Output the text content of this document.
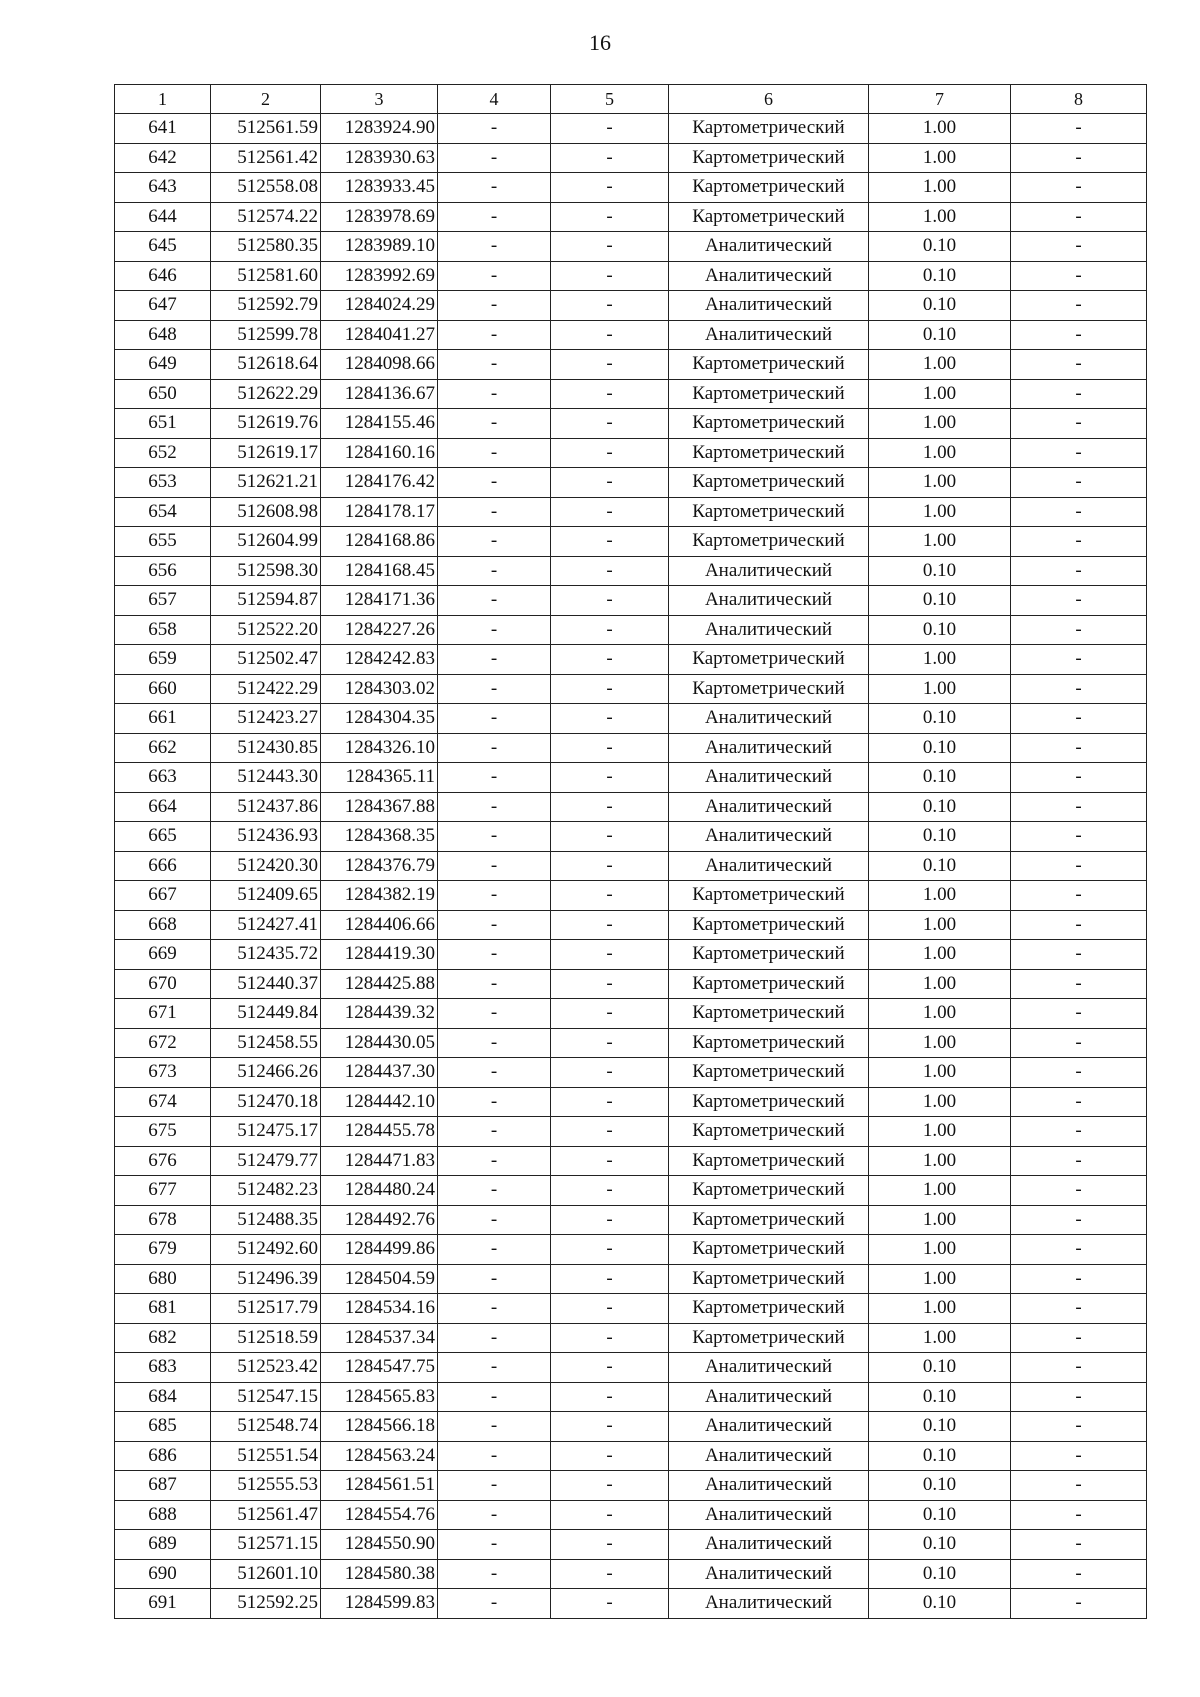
16
1	2	3	4	5	6	7	8
641	512561.59	1283924.90	-	-	Картометрический	1.00	-
642	512561.42	1283930.63	-	-	Картометрический	1.00	-
643	512558.08	1283933.45	-	-	Картометрический	1.00	-
644	512574.22	1283978.69	-	-	Картометрический	1.00	-
645	512580.35	1283989.10	-	-	Аналитический	0.10	-
646	512581.60	1283992.69	-	-	Аналитический	0.10	-
647	512592.79	1284024.29	-	-	Аналитический	0.10	-
648	512599.78	1284041.27	-	-	Аналитический	0.10	-
649	512618.64	1284098.66	-	-	Картометрический	1.00	-
650	512622.29	1284136.67	-	-	Картометрический	1.00	-
651	512619.76	1284155.46	-	-	Картометрический	1.00	-
652	512619.17	1284160.16	-	-	Картометрический	1.00	-
653	512621.21	1284176.42	-	-	Картометрический	1.00	-
654	512608.98	1284178.17	-	-	Картометрический	1.00	-
655	512604.99	1284168.86	-	-	Картометрический	1.00	-
656	512598.30	1284168.45	-	-	Аналитический	0.10	-
657	512594.87	1284171.36	-	-	Аналитический	0.10	-
658	512522.20	1284227.26	-	-	Аналитический	0.10	-
659	512502.47	1284242.83	-	-	Картометрический	1.00	-
660	512422.29	1284303.02	-	-	Картометрический	1.00	-
661	512423.27	1284304.35	-	-	Аналитический	0.10	-
662	512430.85	1284326.10	-	-	Аналитический	0.10	-
663	512443.30	1284365.11	-	-	Аналитический	0.10	-
664	512437.86	1284367.88	-	-	Аналитический	0.10	-
665	512436.93	1284368.35	-	-	Аналитический	0.10	-
666	512420.30	1284376.79	-	-	Аналитический	0.10	-
667	512409.65	1284382.19	-	-	Картометрический	1.00	-
668	512427.41	1284406.66	-	-	Картометрический	1.00	-
669	512435.72	1284419.30	-	-	Картометрический	1.00	-
670	512440.37	1284425.88	-	-	Картометрический	1.00	-
671	512449.84	1284439.32	-	-	Картометрический	1.00	-
672	512458.55	1284430.05	-	-	Картометрический	1.00	-
673	512466.26	1284437.30	-	-	Картометрический	1.00	-
674	512470.18	1284442.10	-	-	Картометрический	1.00	-
675	512475.17	1284455.78	-	-	Картометрический	1.00	-
676	512479.77	1284471.83	-	-	Картометрический	1.00	-
677	512482.23	1284480.24	-	-	Картометрический	1.00	-
678	512488.35	1284492.76	-	-	Картометрический	1.00	-
679	512492.60	1284499.86	-	-	Картометрический	1.00	-
680	512496.39	1284504.59	-	-	Картометрический	1.00	-
681	512517.79	1284534.16	-	-	Картометрический	1.00	-
682	512518.59	1284537.34	-	-	Картометрический	1.00	-
683	512523.42	1284547.75	-	-	Аналитический	0.10	-
684	512547.15	1284565.83	-	-	Аналитический	0.10	-
685	512548.74	1284566.18	-	-	Аналитический	0.10	-
686	512551.54	1284563.24	-	-	Аналитический	0.10	-
687	512555.53	1284561.51	-	-	Аналитический	0.10	-
688	512561.47	1284554.76	-	-	Аналитический	0.10	-
689	512571.15	1284550.90	-	-	Аналитический	0.10	-
690	512601.10	1284580.38	-	-	Аналитический	0.10	-
691	512592.25	1284599.83	-	-	Аналитический	0.10	-
